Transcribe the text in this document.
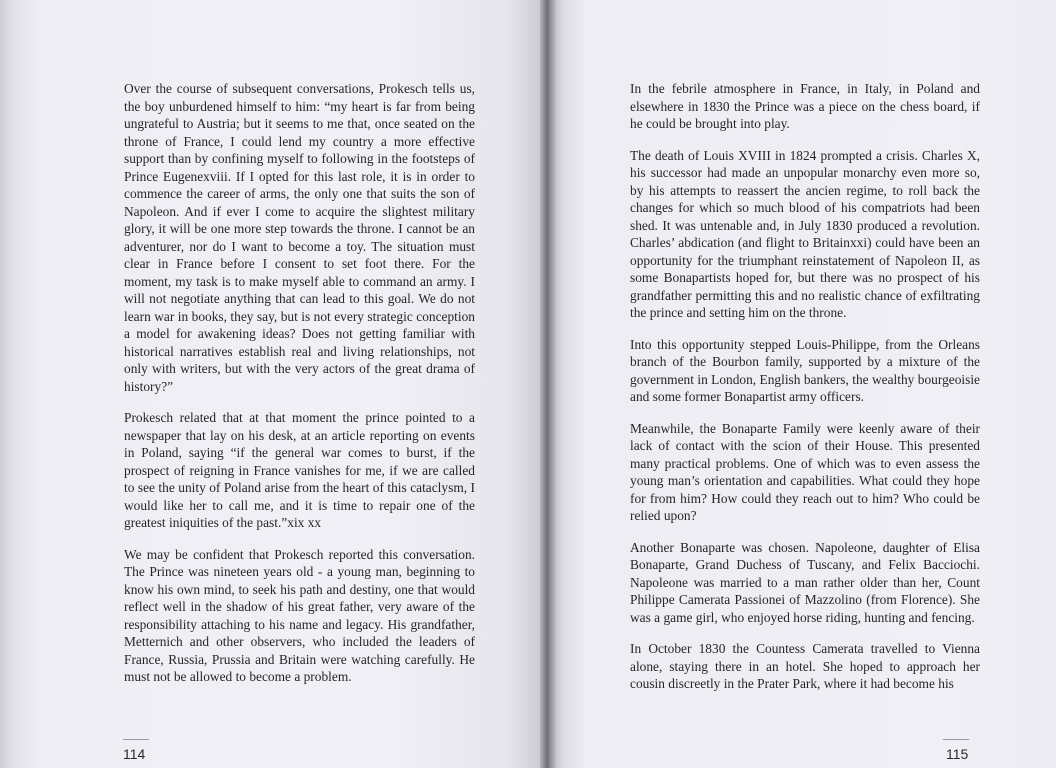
Over the course of subsequent conversations, Prokesch tells us, the boy unburdened himself to him: “my heart is far from being ungrateful to Austria; but it seems to me that, once seated on the throne of France, I could lend my country a more effective support than by confining myself to following in the footsteps of Prince Eugenexviii. If I opted for this last role, it is in order to commence the career of arms, the only one that suits the son of Napoleon. And if ever I come to acquire the slightest military glory, it will be one more step towards the throne. I cannot be an adventurer, nor do I want to become a toy. The situation must clear in France before I consent to set foot there. For the moment, my task is to make myself able to command an army. I will not negotiate anything that can lead to this goal. We do not learn war in books, they say, but is not every strategic conception a model for awakening ideas? Does not getting familiar with historical narratives establish real and living relationships, not only with writers, but with the very actors of the great drama of history?”

Prokesch related that at that moment the prince pointed to a newspaper that lay on his desk, at an article reporting on events in Poland, saying “if the general war comes to burst, if the prospect of reigning in France vanishes for me, if we are called to see the unity of Poland arise from the heart of this cataclysm, I would like her to call me, and it is time to repair one of the greatest iniquities of the past.”xix xx

We may be confident that Prokesch reported this conversation. The Prince was nineteen years old - a young man, beginning to know his own mind, to seek his path and destiny, one that would reflect well in the shadow of his great father, very aware of the responsibility attaching to his name and legacy. His grandfather, Metternich and other observers, who included the leaders of France, Russia, Prussia and Britain were watching carefully. He must not be allowed to become a problem.

114

In the febrile atmosphere in France, in Italy, in Poland and elsewhere in 1830 the Prince was a piece on the chess board, if he could be brought into play.

The death of Louis XVIII in 1824 prompted a crisis. Charles X, his successor had made an unpopular monarchy even more so, by his attempts to reassert the ancien regime, to roll back the changes for which so much blood of his compatriots had been shed. It was untenable and, in July 1830 produced a revolution. Charles’ abdication (and flight to Britainxxi) could have been an opportunity for the triumphant reinstatement of Napoleon II, as some Bonapartists hoped for, but there was no prospect of his grandfather permitting this and no realistic chance of exfiltrating the prince and setting him on the throne.

Into this opportunity stepped Louis-Philippe, from the Orleans branch of the Bourbon family, supported by a mixture of the government in London, English bankers, the wealthy bourgeoisie and some former Bonapartist army officers.

Meanwhile, the Bonaparte Family were keenly aware of their lack of contact with the scion of their House. This presented many practical problems. One of which was to even assess the young man’s orientation and capabilities. What could they hope for from him? How could they reach out to him? Who could be relied upon?

Another Bonaparte was chosen. Napoleone, daughter of Elisa Bonaparte, Grand Duchess of Tuscany, and Felix Bacciochi. Napoleone was married to a man rather older than her, Count Philippe Camerata Passionei of Mazzolino (from Florence). She was a game girl, who enjoyed horse riding, hunting and fencing.

In October 1830 the Countess Camerata travelled to Vienna alone, staying there in an hotel. She hoped to approach her cousin discreetly in the Prater Park, where it had become his

115
